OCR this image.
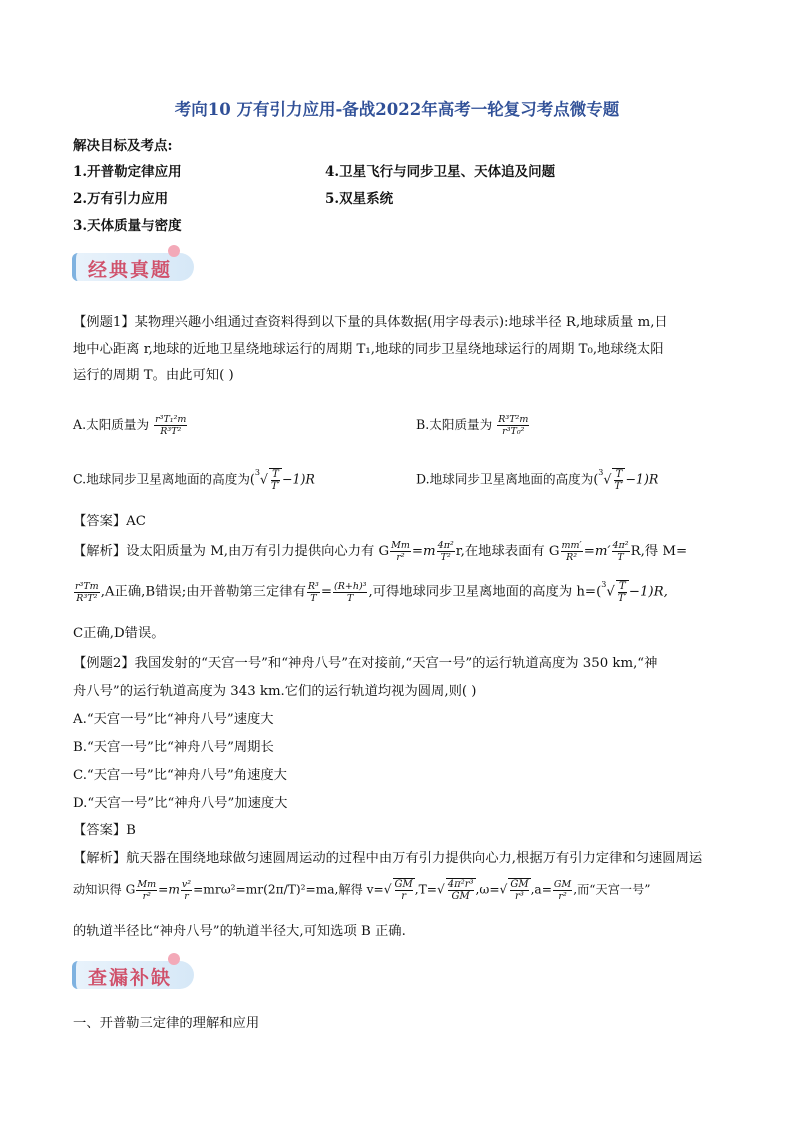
考向10 万有引力应用-备战2022年高考一轮复习考点微专题
解决目标及考点:
1.开普勒定律应用
2.万有引力应用
3.天体质量与密度
4.卫星飞行与同步卫星、天体追及问题
5.双星系统
经典真题
【例题1】某物理兴趣小组通过查资料得到以下量的具体数据(用字母表示):地球半径 R,地球质量 m,日
地中心距离 r,地球的近地卫星绕地球运行的周期 T₁,地球的同步卫星绕地球运行的周期 T₀,地球绕太阳
运行的周期 T。由此可知( )
A.太阳质量为 $\frac{\text{r³T₁²m}}{\text{R³T²}}$	B.太阳质量为 $\frac{\text{R³T²m}}{\text{r³T₀²}}$
C.地球同步卫星离地面的高度为$(^3√ \frac{T}{T'}-1)R$	D.地球同步卫星离地面的高度为$(^3√ \frac{T}{T'}-1)R$
【答案】AC
【解析】设太阳质量为 M,由万有引力提供向心力有 G $\frac{Mm}{\text{r²}} =m \frac{\text{4π²}}{\text{T²}} r$,在地球表面有 G $\frac{mm'}{\text{R²}} =m' \frac{\text{4π²}}{T} R$,得 M=
$\frac{\text{r³Tm}}{\text{R³T²}} ,A$正确,B错误;由开普勒第三定律有 $\frac{\text{R³}}{T} = \frac{\text{(R+h)³}}{T}$ ,可得地球同步卫星离地面的高度为 $h=(^3√ \frac{T}{T'}-1)R$,
C正确,D错误。
【例题2】我国发射的“天宫一号”和“神舟八号”在对接前,“天宫一号”的运行轨道高度为 350 km,“神
舟八号”的运行轨道高度为 343 km.它们的运行轨道均视为圆周,则( )
A.“天宫一号”比“神舟八号”速度大
B.“天宫一号”比“神舟八号”周期长
C.“天宫一号”比“神舟八号”角速度大
D.“天宫一号”比“神舟八号”加速度大
【答案】B
【解析】航天器在围绕地球做匀速圆周运动的过程中由万有引力提供向心力,根据万有引力定律和匀速圆周运
动知识得 G $\frac{Mm}{\text{r²}} =m \frac{\text{v²}}{r} =mr\omega^2=mr(2\pi/T)^2=ma$,解得 $v=√ \frac{GM}{r},T=√ \frac{\text{4π²r³}}{GM},\omega=√ \frac{GM}{\text{r³}},a= \frac{GM}{\text{r²}}$ ,而“天宫一号”
的轨道半径比“神舟八号”的轨道半径大,可知选项 B 正确.
查漏补缺
一、开普勒三定律的理解和应用
